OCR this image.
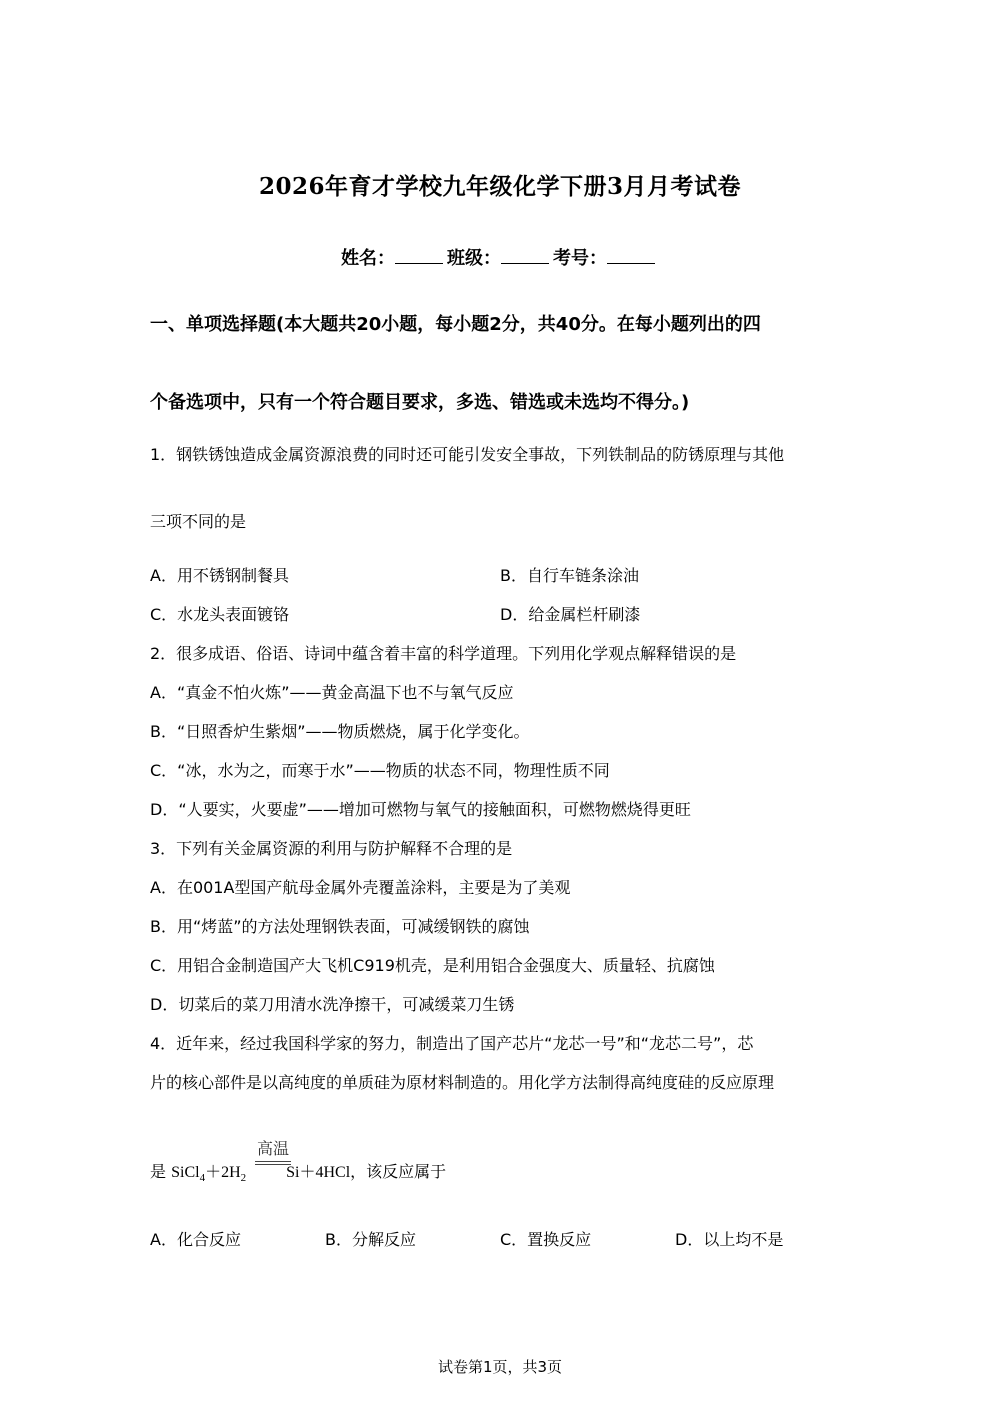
2026年育才学校九年级化学下册3月月考试卷
姓名：	班级：	考号：
一、单项选择题(本大题共20小题，每小题2分，共40分。在每小题列出的四
个备选项中，只有一个符合题目要求，多选、错选或未选均不得分。)
1．钢铁锈蚀造成金属资源浪费的同时还可能引发安全事故，下列铁制品的防锈原理与其他
三项不同的是
A．用不锈钢制餐具	B．自行车链条涂油
C．水龙头表面镀铬	D．给金属栏杆刷漆
2．很多成语、俗语、诗词中蕴含着丰富的科学道理。下列用化学观点解释错误的是
A．“真金不怕火炼”——黄金高温下也不与氧气反应
B．“日照香炉生紫烟”——物质燃烧，属于化学变化。
C．“冰，水为之，而寒于水”——物质的状态不同，物理性质不同
D．“人要实，火要虚”——增加可燃物与氧气的接触面积，可燃物燃烧得更旺
3．下列有关金属资源的利用与防护解释不合理的是
A．在001A型国产航母金属外壳覆盖涂料，主要是为了美观
B．用“烤蓝”的方法处理钢铁表面，可减缓钢铁的腐蚀
C．用铝合金制造国产大飞机C919机壳，是利用铝合金强度大、质量轻、抗腐蚀
D．切菜后的菜刀用清水洗净擦干，可减缓菜刀生锈
4．近年来，经过我国科学家的努力，制造出了国产芯片“龙芯一号”和“龙芯二号”，芯
片的核心部件是以高纯度的单质硅为原材料制造的。用化学方法制得高纯度硅的反应原理
高温
是 $SiCl_4+2H_2$	Si＋4HCl，该反应属于
A．化合反应	B．分解反应	C．置换反应	D．以上均不是
试卷第1页，共3页
